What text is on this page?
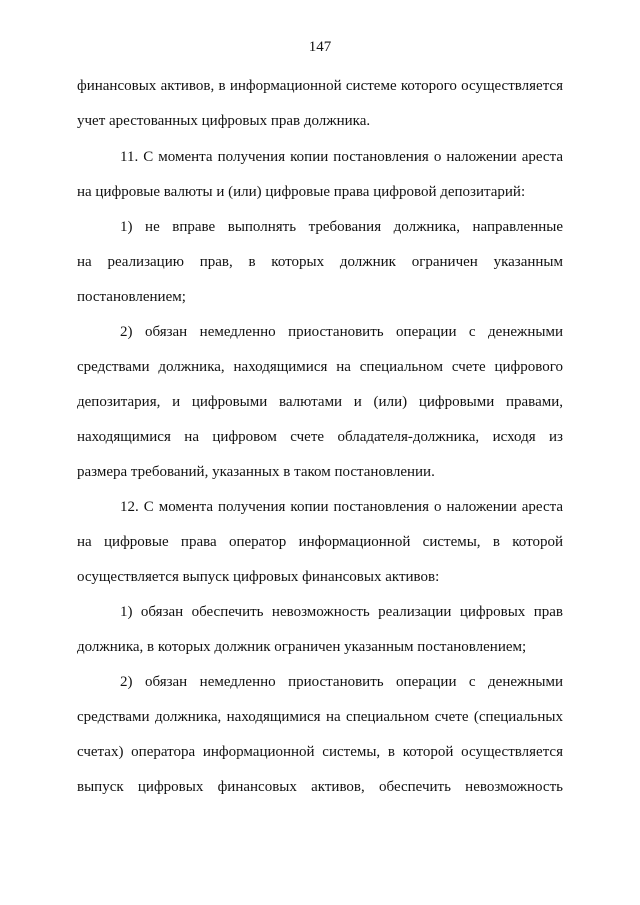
147
финансовых активов, в информационной системе которого осуществляется
учет арестованных цифровых прав должника.
11. С момента получения копии постановления о наложении ареста
на цифровые валюты и (или) цифровые права цифровой депозитарий:
1) не вправе выполнять требования должника, направленные
на реализацию прав, в которых должник ограничен указанным
постановлением;
2) обязан немедленно приостановить операции с денежными
средствами должника, находящимися на специальном счете цифрового
депозитария, и цифровыми валютами и (или) цифровыми правами,
находящимися на цифровом счете обладателя-должника, исходя из
размера требований, указанных в таком постановлении.
12. С момента получения копии постановления о наложении ареста
на цифровые права оператор информационной системы, в которой
осуществляется выпуск цифровых финансовых активов:
1) обязан обеспечить невозможность реализации цифровых прав
должника, в которых должник ограничен указанным постановлением;
2) обязан немедленно приостановить операции с денежными
средствами должника, находящимися на специальном счете (специальных
счетах) оператора информационной системы, в которой осуществляется
выпуск цифровых финансовых активов, обеспечить невозможность
